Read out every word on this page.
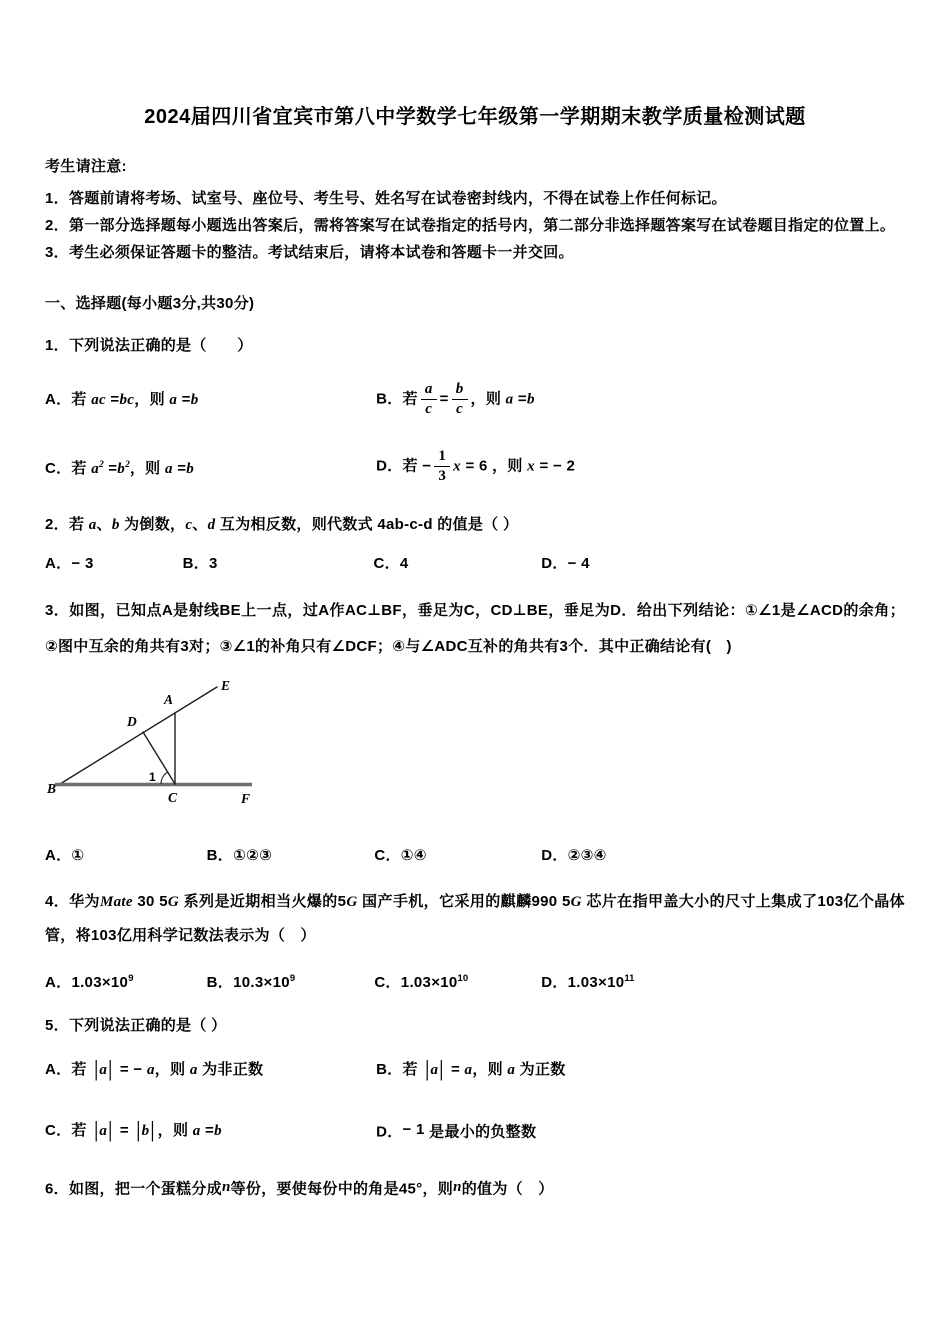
2024届四川省宜宾市第八中学数学七年级第一学期期末教学质量检测试题

考生请注意:

1．答题前请将考场、试室号、座位号、考生号、姓名写在试卷密封线内，不得在试卷上作任何标记。

2．第一部分选择题每小题选出答案后，需将答案写在试卷指定的括号内，第二部分非选择题答案写在试卷题目指定的位置上。

3．考生必须保证答题卡的整洁。考试结束后，请将本试卷和答题卡一并交回。

一、选择题(每小题3分,共30分)

1．下列说法正确的是（　　）

A．若 ac =bc，则 a =b	B．若 $\frac{a}{c} = \frac{b}{c}$ ，则 a =b

C．若 $a^2 =b^2$，则 a =b	D．若 − $\frac{1}{3}$ x = 6 ，则 x = − 2

2．若 a、b 为倒数，c、d 互为相反数，则代数式 4ab-c-d 的值是（ ）

A．− 3	B．3	C．4	D．− 4

3．如图，已知点A是射线BE上一点，过A作AC⊥BF，垂足为C，CD⊥BE，垂足为D．给出下列结论：①∠1是∠ACD的余角；②图中互余的角共有3对；③∠1的补角只有∠DCF；④与∠ADC互补的角共有3个．其中正确结论有(　)

B
D
A
E
C	F
1

A．①	B．①②③	C．①④	D．②③④

4．华为Mate 30 5G 系列是近期相当火爆的5G 国产手机，它采用的麒麟990 5G 芯片在指甲盖大小的尺寸上集成了103亿个晶体管，将103亿用科学记数法表示为（　）

A．$1.03\times 10^9$	B．$10.3\times 10^9$	C．$1.03\times 10^{10}$	D．$1.03\times 10^{11}$

5．下列说法正确的是（ ）

A．若 |a| = − a，则 a 为非正数	B．若 |a| = a，则 a 为正数

C．若 |a| = |b| ，则 a =b	D．− 1 是最小的负整数

6．如图，把一个蛋糕分成n等份，要使每份中的角是45°，则n的值为（　）
